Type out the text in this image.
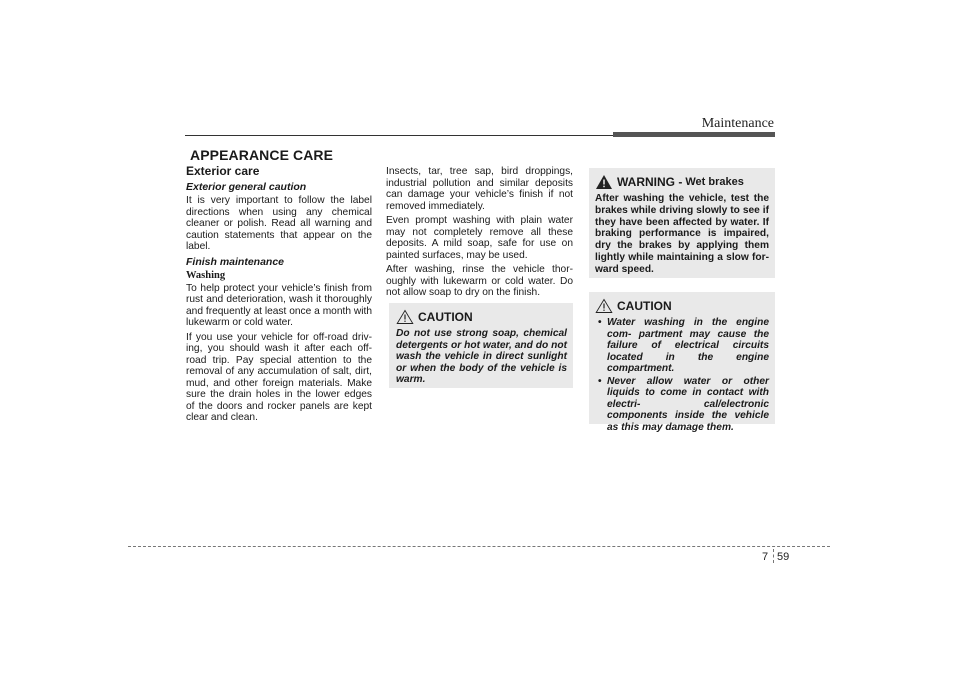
Maintenance
APPEARANCE CARE
Exterior care
Exterior general caution

It is very important to follow the label directions when using any chemical cleaner or polish. Read all warning and caution statements that appear on the label.

Finish maintenance
Washing

To help protect your vehicle’s finish from rust and deterioration, wash it thoroughly and frequently at least once a month with lukewarm or cold water.

If you use your vehicle for off-road driv- ing, you should wash it after each off- road trip. Pay special attention to the removal of any accumulation of salt, dirt, mud, and other foreign materials. Make sure the drain holes in the lower edges of the doors and rocker panels are kept clear and clean.

Insects, tar, tree sap, bird droppings, industrial pollution and similar deposits can damage your vehicle’s finish if not removed immediately.

Even prompt washing with plain water may not completely remove all these deposits. A mild soap, safe for use on painted surfaces, may be used.

After washing, rinse the vehicle thor- oughly with lukewarm or cold water. Do not allow soap to dry on the finish.

CAUTION

Do not use strong soap, chemical detergents or hot water, and do not wash the vehicle in direct sunlight or when the body of the vehicle is warm.

WARNING - Wet brakes

After washing the vehicle, test the brakes while driving slowly to see if they have been affected by water. If braking performance is impaired, dry the brakes by applying them lightly while maintaining a slow for- ward speed.

CAUTION
• Water washing in the engine com- partment may cause the failure of electrical circuits located in the engine compartment.
• Never allow water or other liquids to come in contact with electri- cal/electronic components inside the vehicle as this may damage them.
7 59
